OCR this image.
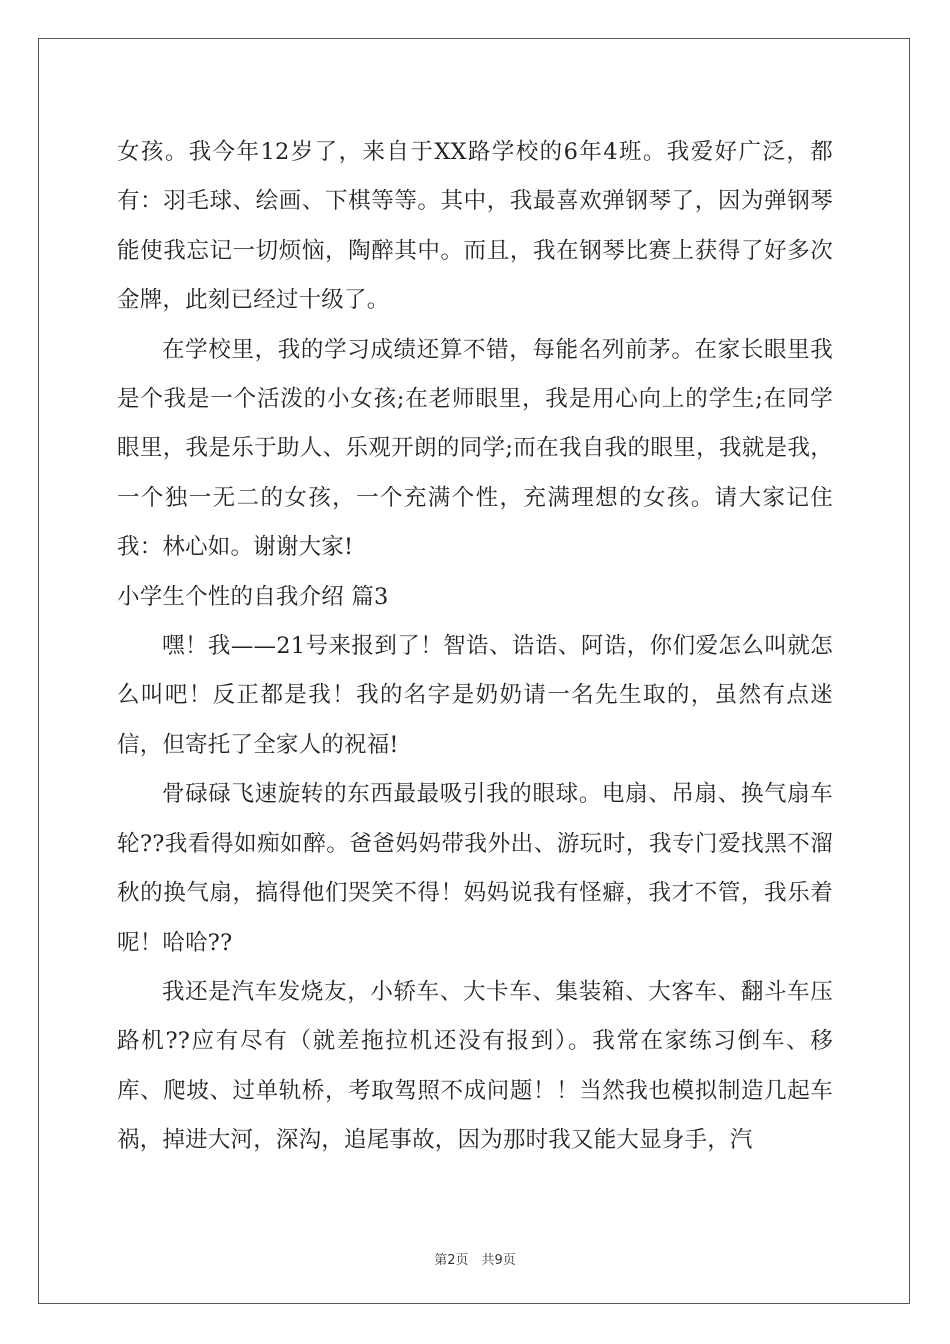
女孩。我今年12岁了，来自于XX路学校的6年4班。我爱好广泛，都有：羽毛球、绘画、下棋等等。其中，我最喜欢弹钢琴了，因为弹钢琴能使我忘记一切烦恼，陶醉其中。而且，我在钢琴比赛上获得了好多次金牌，此刻已经过十级了。

在学校里，我的学习成绩还算不错，每能名列前茅。在家长眼里我是个我是一个活泼的小女孩;在老师眼里，我是用心向上的学生;在同学眼里，我是乐于助人、乐观开朗的同学;而在我自我的眼里，我就是我，一个独一无二的女孩，一个充满个性，充满理想的女孩。请大家记住我：林心如。谢谢大家!

小学生个性的自我介绍 篇3

嘿！我——21号来报到了！智诰、诰诰、阿诰，你们爱怎么叫就怎么叫吧！反正都是我！我的名字是奶奶请一名先生取的，虽然有点迷信，但寄托了全家人的祝福!

骨碌碌飞速旋转的东西最最吸引我的眼球。电扇、吊扇、换气扇车轮??我看得如痴如醉。爸爸妈妈带我外出、游玩时，我专门爱找黑不溜秋的换气扇，搞得他们哭笑不得！妈妈说我有怪癖，我才不管，我乐着呢！哈哈??

我还是汽车发烧友，小轿车、大卡车、集装箱、大客车、翻斗车压路机??应有尽有（就差拖拉机还没有报到）。我常在家练习倒车、移库、爬坡、过单轨桥，考取驾照不成问题！！当然我也模拟制造几起车祸，掉进大河，深沟，追尾事故，因为那时我又能大显身手，汽

第2页　共9页
